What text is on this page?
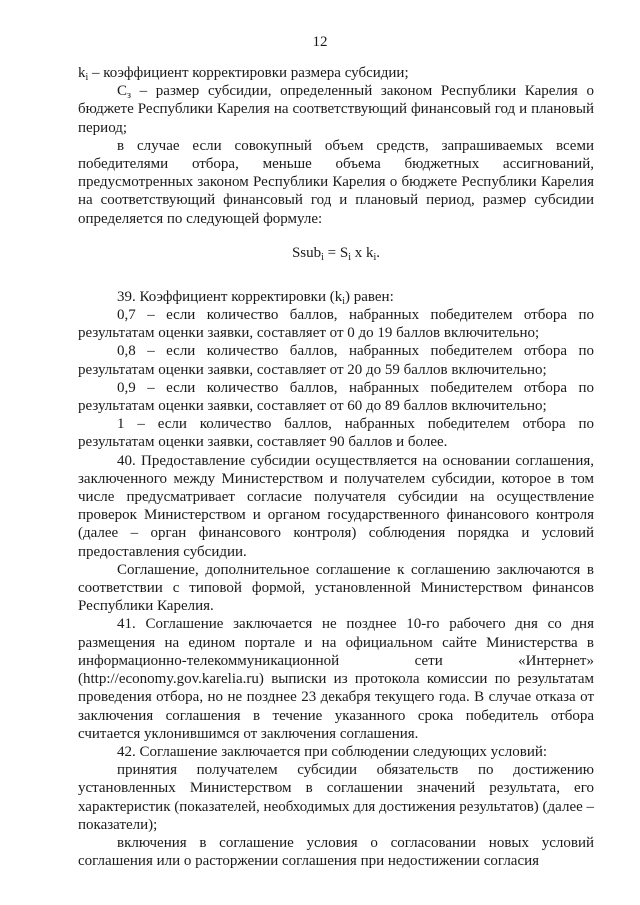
12

$k_i$ – коэффициент корректировки размера субсидии;

$С_з$ – размер субсидии, определенный законом Республики Карелия о бюджете Республики Карелия на соответствующий финансовый год и плановый период;

в случае если совокупный объем средств, запрашиваемых всеми победителями отбора, меньше объема бюджетных ассигнований, предусмотренных законом Республики Карелия о бюджете Республики Карелия на соответствующий финансовый год и плановый период, размер субсидии определяется по следующей формуле:

Ssub$_i$ = $S_i$ x $k_i$.

39. Коэффициент корректировки $(k_i)$ равен:

0,7 – если количество баллов, набранных победителем отбора по результатам оценки заявки, составляет от 0 до 19 баллов включительно;

0,8 – если количество баллов, набранных победителем отбора по результатам оценки заявки, составляет от 20 до 59 баллов включительно;

0,9 – если количество баллов, набранных победителем отбора по результатам оценки заявки, составляет от 60 до 89 баллов включительно;

1 – если количество баллов, набранных победителем отбора по результатам оценки заявки, составляет 90 баллов и более.

40. Предоставление субсидии осуществляется на основании соглашения, заключенного между Министерством и получателем субсидии, которое в том числе предусматривает согласие получателя субсидии на осуществление проверок Министерством и органом государственного финансового контроля (далее – орган финансового контроля) соблюдения порядка и условий предоставления субсидии.

Соглашение, дополнительное соглашение к соглашению заключаются в соответствии с типовой формой, установленной Министерством финансов Республики Карелия.

41. Соглашение заключается не позднее 10-го рабочего дня со дня размещения на едином портале и на официальном сайте Министерства в информационно-телекоммуникационной сети «Интернет» (http://economy.gov.karelia.ru) выписки из протокола комиссии по результатам проведения отбора, но не позднее 23 декабря текущего года. В случае отказа от заключения соглашения в течение указанного срока победитель отбора считается уклонившимся от заключения соглашения.

42. Соглашение заключается при соблюдении следующих условий:

принятия получателем субсидии обязательств по достижению установленных Министерством в соглашении значений результата, его характеристик (показателей, необходимых для достижения результатов) (далее – показатели);

включения в соглашение условия о согласовании новых условий соглашения или о расторжении соглашения при недостижении согласия
